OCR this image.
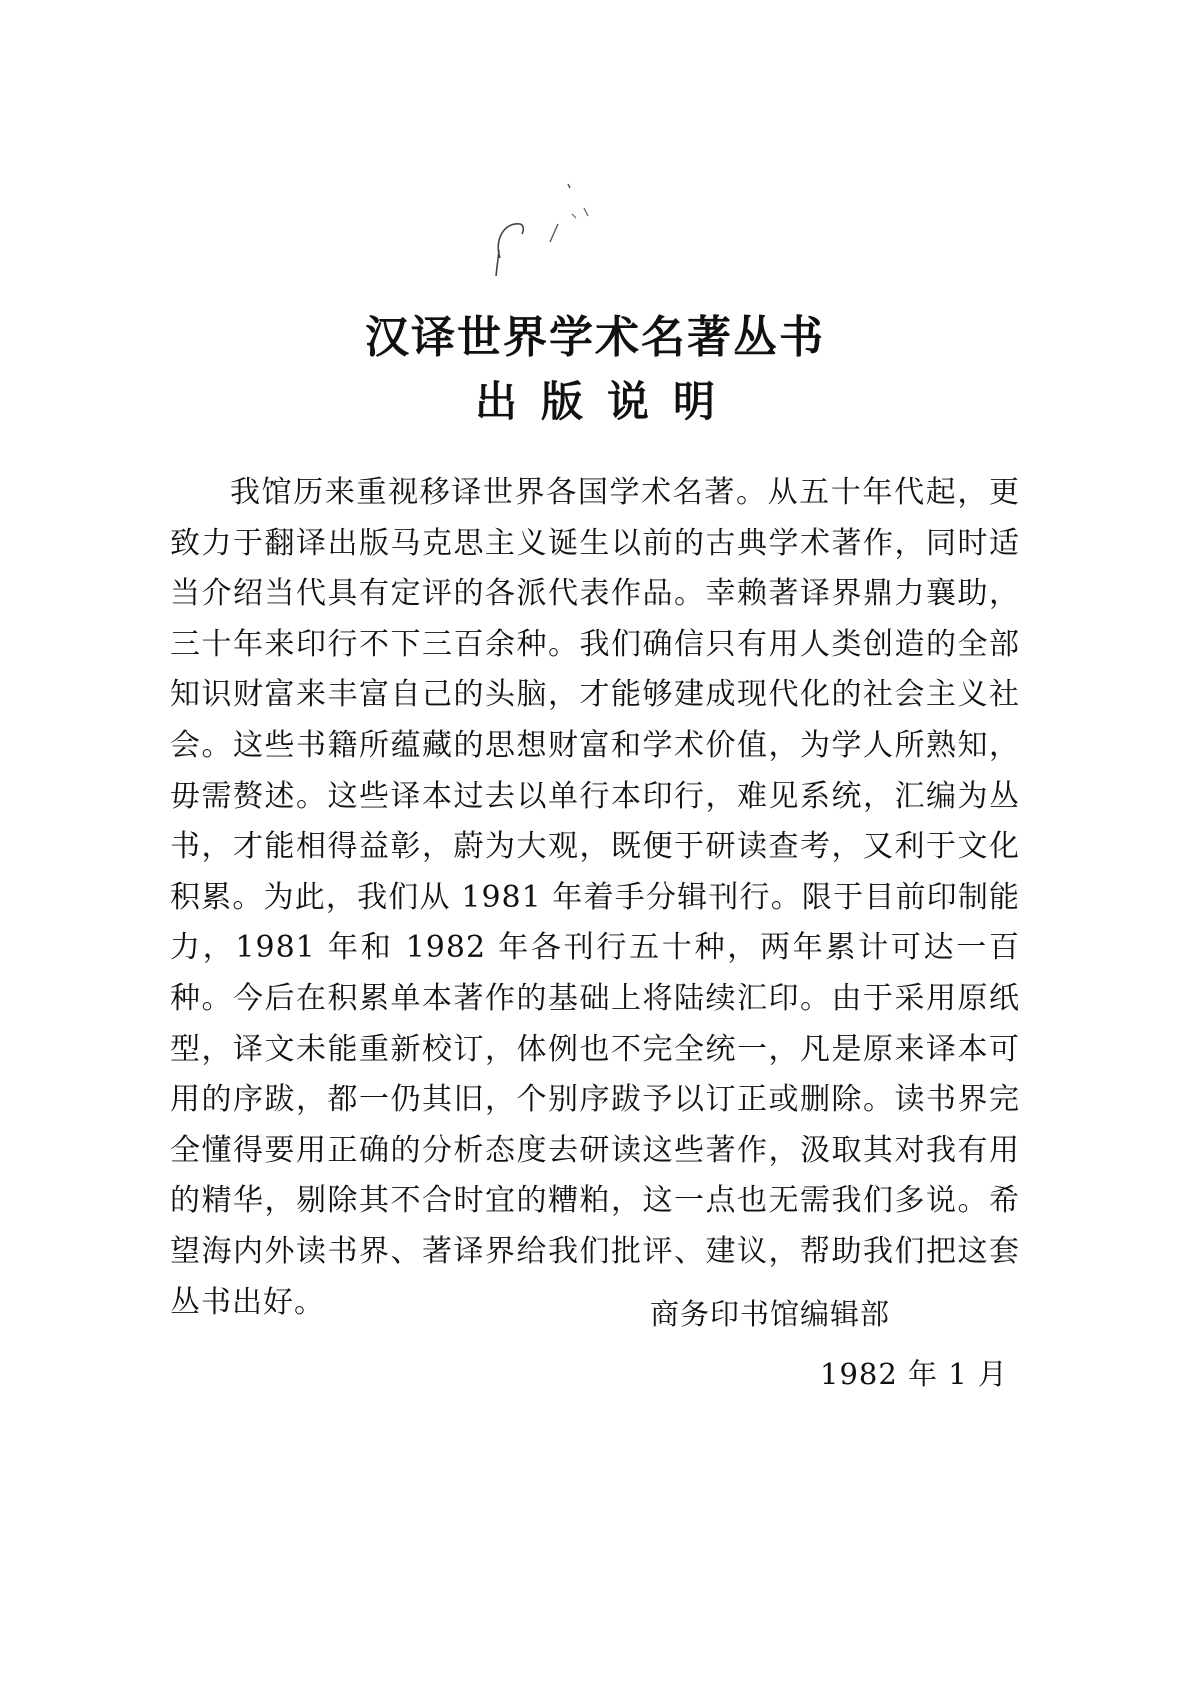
汉译世界学术名著丛书
出版说明

我馆历来重视移译世界各国学术名著。从五十年代起，更致力于翻译出版马克思主义诞生以前的古典学术著作，同时适当介绍当代具有定评的各派代表作品。幸赖著译界鼎力襄助，三十年来印行不下三百余种。我们确信只有用人类创造的全部知识财富来丰富自己的头脑，才能够建成现代化的社会主义社会。这些书籍所蕴藏的思想财富和学术价值，为学人所熟知，毋需赘述。这些译本过去以单行本印行，难见系统，汇编为丛书，才能相得益彰，蔚为大观，既便于研读查考，又利于文化积累。为此，我们从 1981 年着手分辑刊行。限于目前印制能力，1981 年和 1982 年各刊行五十种，两年累计可达一百种。今后在积累单本著作的基础上将陆续汇印。由于采用原纸型，译文未能重新校订，体例也不完全统一，凡是原来译本可用的序跋，都一仍其旧，个别序跋予以订正或删除。读书界完全懂得要用正确的分析态度去研读这些著作，汲取其对我有用的精华，剔除其不合时宜的糟粕，这一点也无需我们多说。希望海内外读书界、著译界给我们批评、建议，帮助我们把这套丛书出好。	商务印书馆编辑部
1982 年 1 月
